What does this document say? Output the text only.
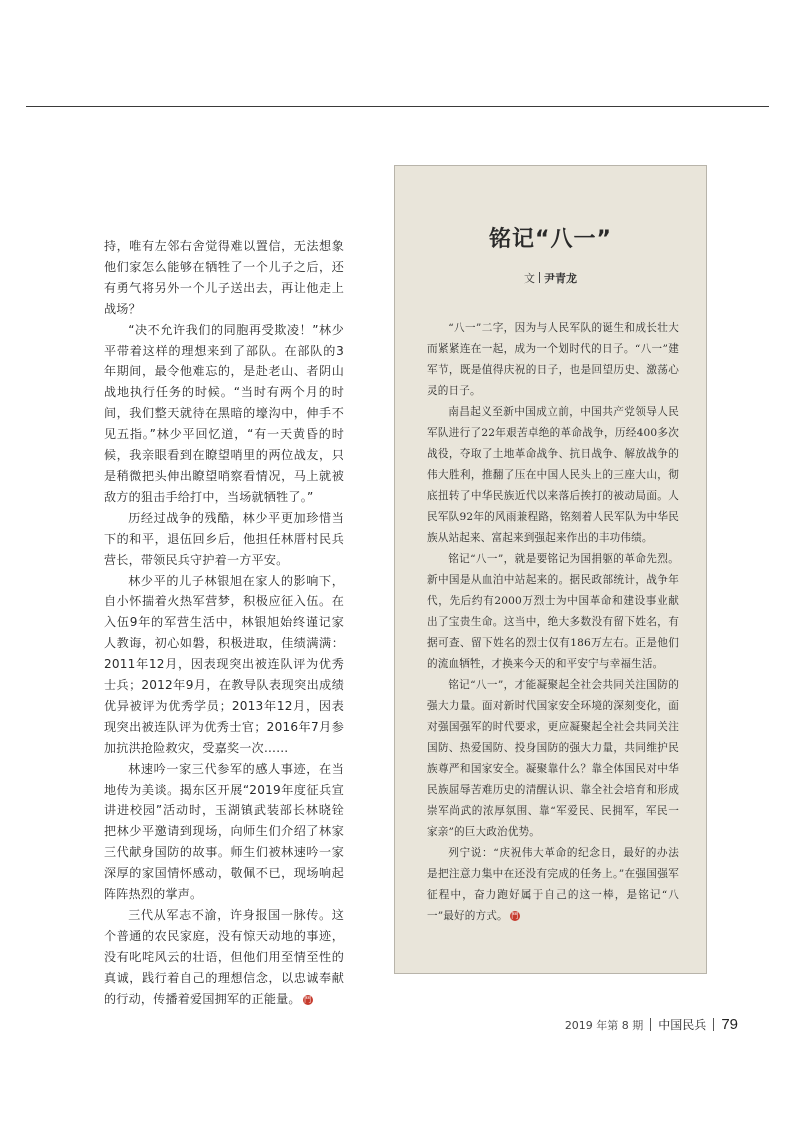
持，唯有左邻右舍觉得难以置信，无法想象他们家怎么能够在牺牲了一个儿子之后，还有勇气将另外一个儿子送出去，再让他走上战场？

“决不允许我们的同胞再受欺凌！”林少平带着这样的理想来到了部队。在部队的3年期间，最令他难忘的，是赴老山、者阴山战地执行任务的时候。“当时有两个月的时间，我们整天就待在黑暗的壕沟中，伸手不见五指。”林少平回忆道，“有一天黄昏的时候，我亲眼看到在瞭望哨里的两位战友，只是稍微把头伸出瞭望哨察看情况，马上就被敌方的狙击手给打中，当场就牺牲了。”

历经过战争的残酷，林少平更加珍惜当下的和平，退伍回乡后，他担任林厝村民兵营长，带领民兵守护着一方平安。

林少平的儿子林银旭在家人的影响下，自小怀揣着火热军营梦，积极应征入伍。在入伍9年的军营生活中，林银旭始终谨记家人教诲，初心如磐，积极进取，佳绩满满：2011年12月，因表现突出被连队评为优秀士兵；2012年9月，在教导队表现突出成绩优异被评为优秀学员；2013年12月，因表现突出被连队评为优秀士官；2016年7月参加抗洪抢险救灾，受嘉奖一次……

林速吟一家三代参军的感人事迹，在当地传为美谈。揭东区开展“2019年度征兵宣讲进校园”活动时，玉湖镇武装部长林晓铨把林少平邀请到现场，向师生们介绍了林家三代献身国防的故事。师生们被林速吟一家深厚的家国情怀感动，敬佩不已，现场响起阵阵热烈的掌声。

三代从军志不渝，许身报国一脉传。这个普通的农民家庭，没有惊天动地的事迹，没有叱咤风云的壮语，但他们用至情至性的真诚，践行着自己的理想信念，以忠诚奉献的行动，传播着爱国拥军的正能量。 鬥

铭记“八一”
文 尹青龙

“八一”二字，因为与人民军队的诞生和成长壮大而紧紧连在一起，成为一个划时代的日子。“八一”建军节，既是值得庆祝的日子，也是回望历史、激荡心灵的日子。

南昌起义至新中国成立前，中国共产党领导人民军队进行了22年艰苦卓绝的革命战争，历经400多次战役，夺取了土地革命战争、抗日战争、解放战争的伟大胜利，推翻了压在中国人民头上的三座大山，彻底扭转了中华民族近代以来落后挨打的被动局面。人民军队92年的风雨兼程路，铭刻着人民军队为中华民族从站起来、富起来到强起来作出的丰功伟绩。

铭记“八一”，就是要铭记为国捐躯的革命先烈。新中国是从血泊中站起来的。据民政部统计，战争年代，先后约有2000万烈士为中国革命和建设事业献出了宝贵生命。这当中，绝大多数没有留下姓名，有据可查、留下姓名的烈士仅有186万左右。正是他们的流血牺牲，才换来今天的和平安宁与幸福生活。

铭记“八一”，才能凝聚起全社会共同关注国防的强大力量。面对新时代国家安全环境的深刻变化，面对强国强军的时代要求，更应凝聚起全社会共同关注国防、热爱国防、投身国防的强大力量，共同维护民族尊严和国家安全。凝聚靠什么？靠全体国民对中华民族屈辱苦难历史的清醒认识、靠全社会培育和形成崇军尚武的浓厚氛围、靠“军爱民、民拥军，军民一家亲”的巨大政治优势。

列宁说：“庆祝伟大革命的纪念日，最好的办法是把注意力集中在还没有完成的任务上。”在强国强军征程中，奋力跑好属于自己的这一棒，是铭记“八一”最好的方式。 鬥

2019 年第 8 期 中国民兵 79
